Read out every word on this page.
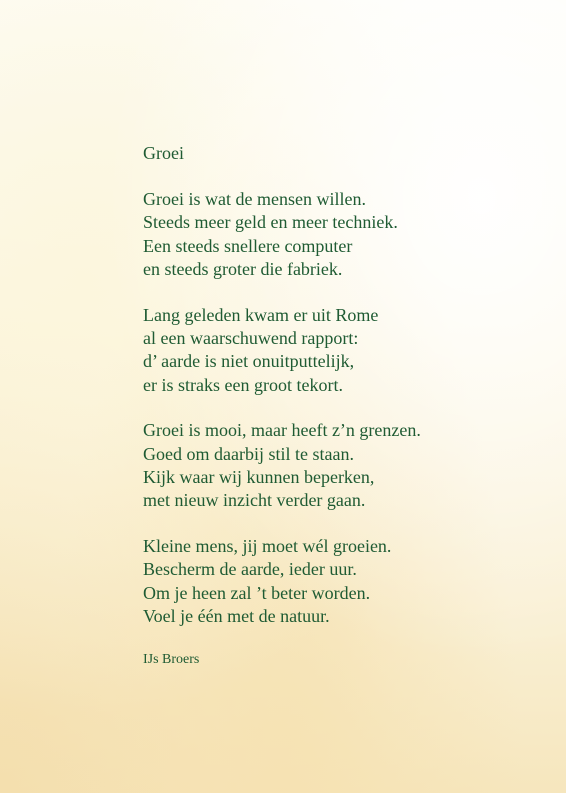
Groei
Groei is wat de mensen willen.
Steeds meer geld en meer techniek.
Een steeds snellere computer
en steeds groter die fabriek.
Lang geleden kwam er uit Rome
al een waarschuwend rapport:
d’ aarde is niet onuitputtelijk,
er is straks een groot tekort.
Groei is mooi, maar heeft z’n grenzen.
Goed om daarbij stil te staan.
Kijk waar wij kunnen beperken,
met nieuw inzicht verder gaan.
Kleine mens, jij moet wél groeien.
Bescherm de aarde, ieder uur.
Om je heen zal ’t beter worden.
Voel je één met de natuur.
IJs Broers
